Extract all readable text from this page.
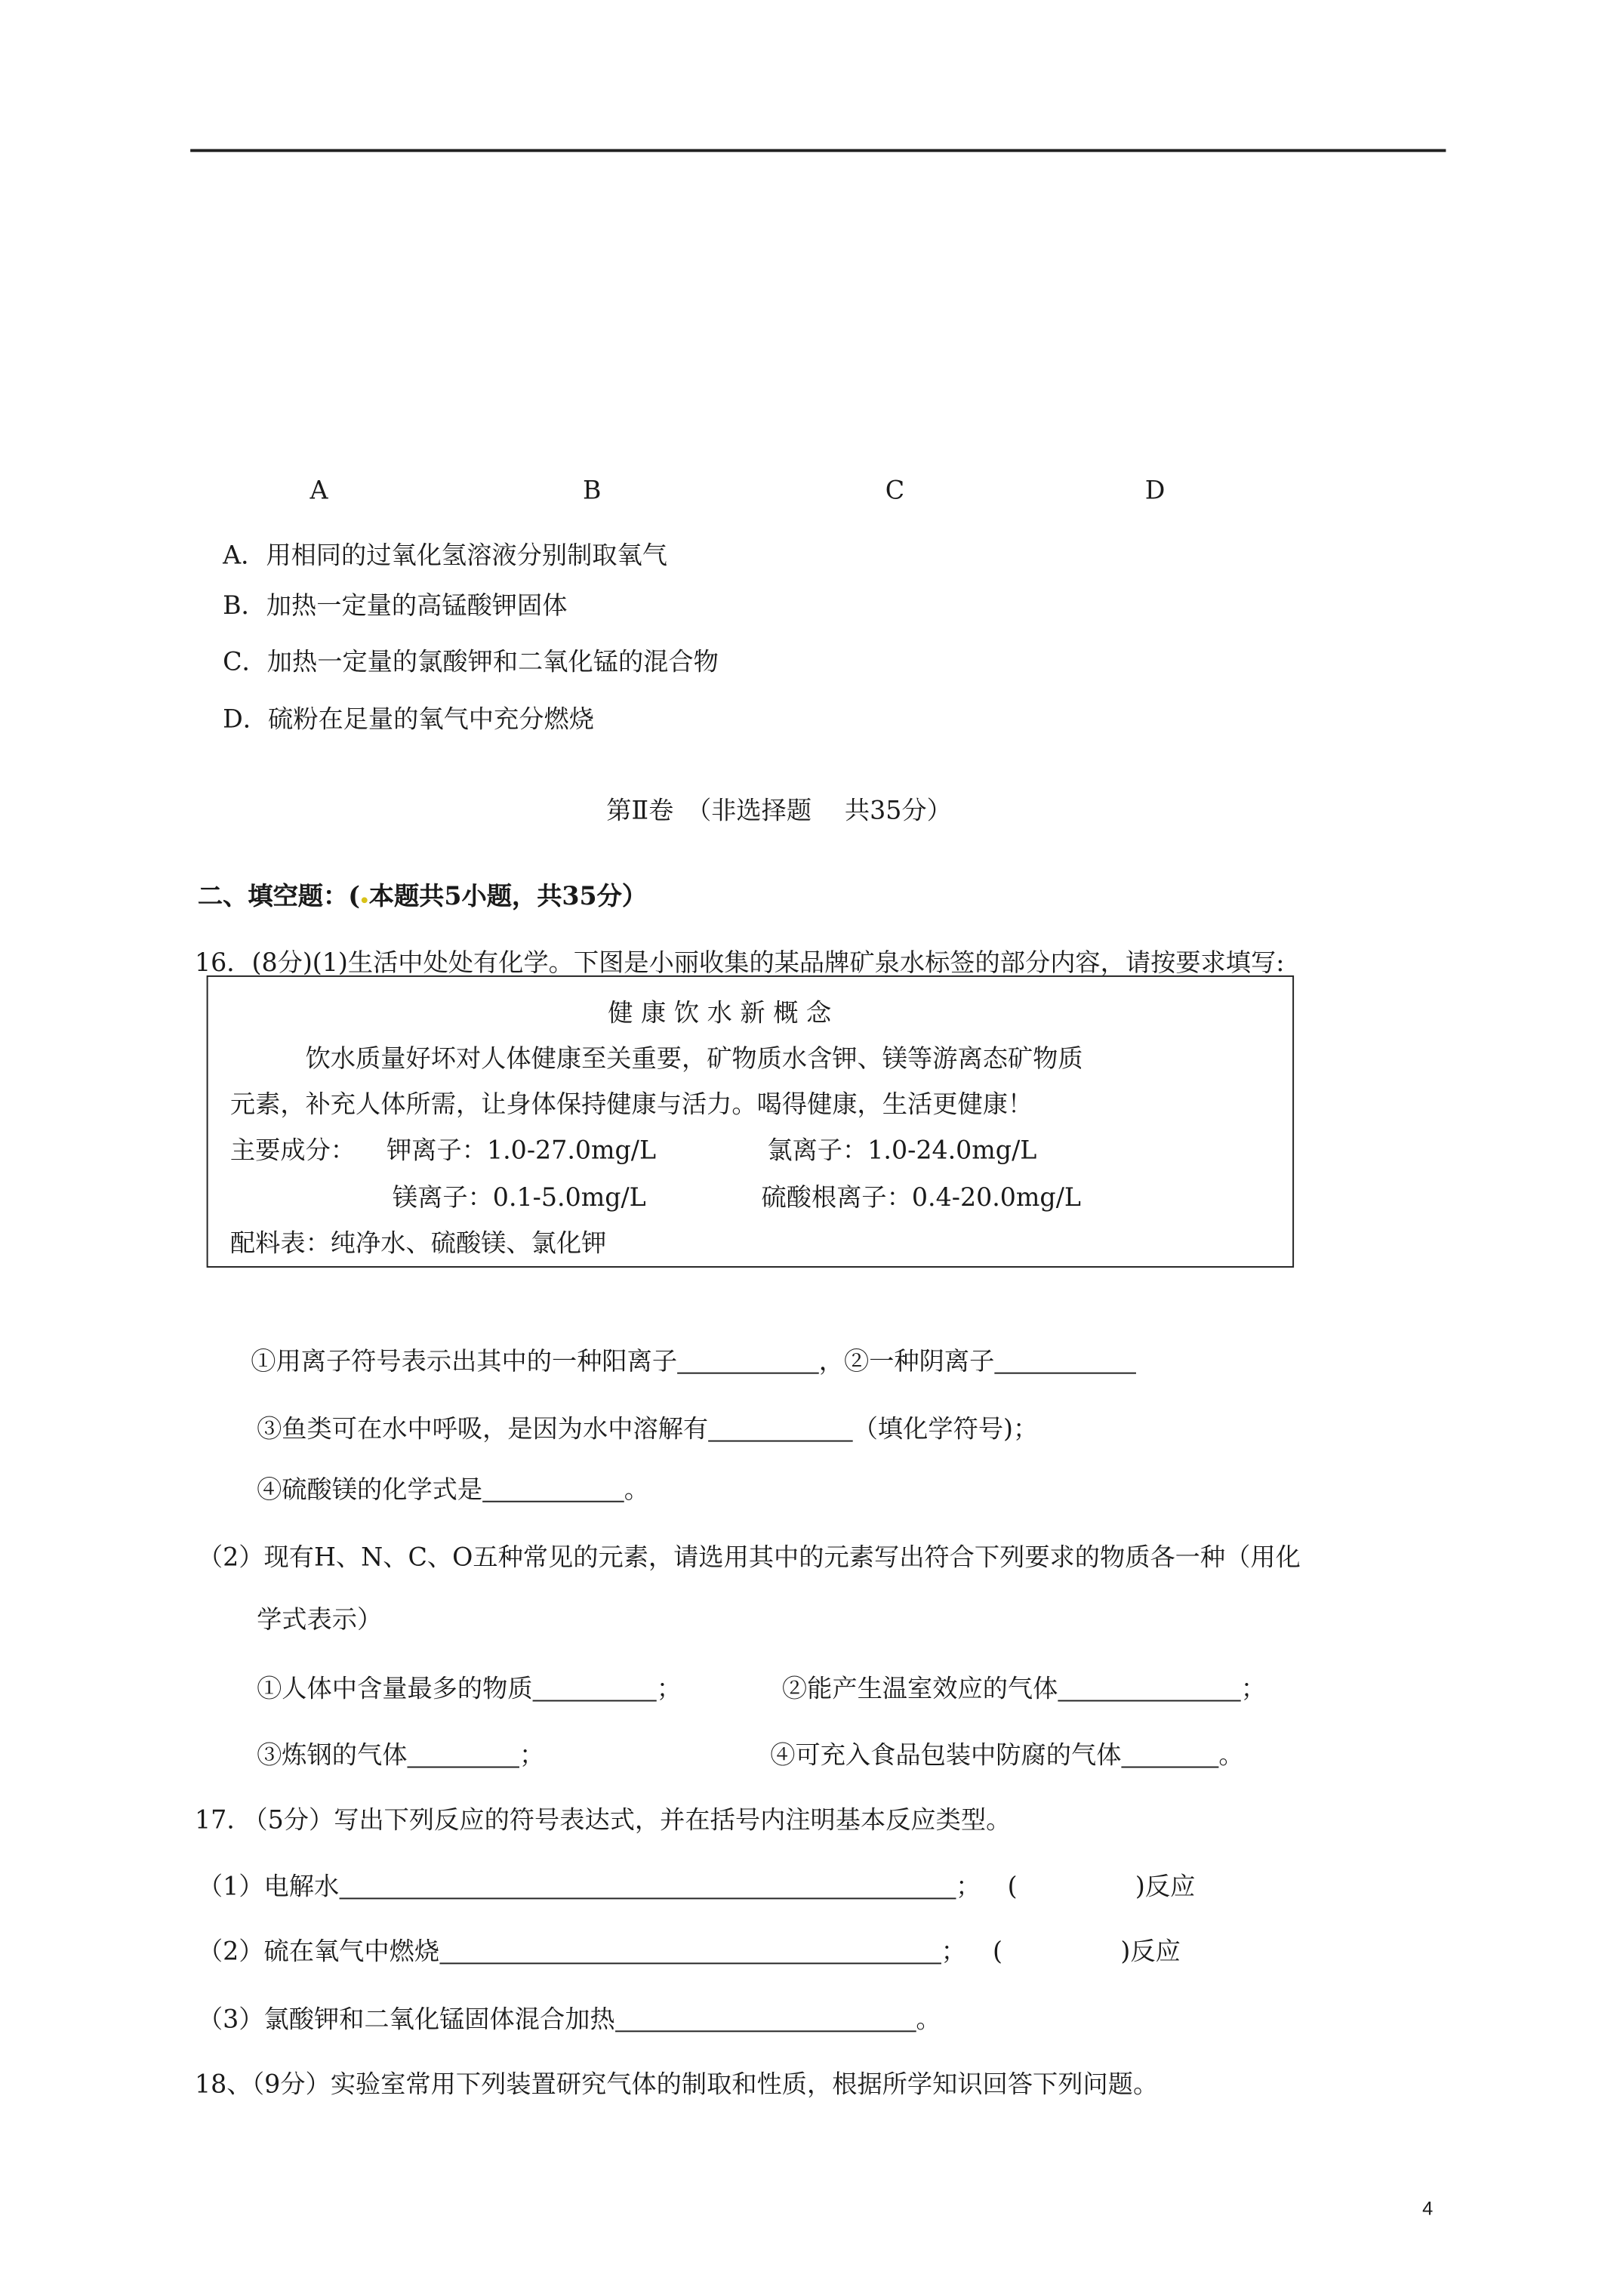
A	B	C	D
A．用相同的过氧化氢溶液分别制取氧气
B．加热一定量的高锰酸钾固体
C．加热一定量的氯酸钾和二氧化锰的混合物
D．硫粉在足量的氧气中充分燃烧
第Ⅱ卷　（非选择题　 共35分）
二、填空题：( 本题共5小题，共35分）
16．(8分)(1)生活中处处有化学。下图是小丽收集的某品牌矿泉水标签的部分内容，请按要求填写:
健 康 饮 水 新 概 念
饮水质量好坏对人体健康至关重要，矿物质水含钾、镁等游离态矿物质
元素，补充人体所需，让身体保持健康与活力。喝得健康，生活更健康！
主要成分： 钾离子：1.0-27.0mg/L	氯离子：1.0-24.0mg/L
镁离子：0.1-5.0mg/L	硫酸根离子：0.4-20.0mg/L
配料表：纯净水、硫酸镁、氯化钾
①用离子符号表示出其中的一种阳离子	，②一种阴离子
③鱼类可在水中呼吸，是因为水中溶解有	（填化学符号)；
④硫酸镁的化学式是	。
（2）现有H、N、C、O五种常见的元素，请选用其中的元素写出符合下列要求的物质各一种（用化
学式表示）
①人体中含量最多的物质	；	②能产生温室效应的气体	；
③炼钢的气体	；	④可充入食品包装中防腐的气体	。
17. （5分）写出下列反应的符号表达式，并在括号内注明基本反应类型。
（1）电解水	； (	)反应
（2）硫在氧气中燃烧	； (	)反应
（3）氯酸钾和二氧化锰固体混合加热	。
18、（9分）实验室常用下列装置研究气体的制取和性质，根据所学知识回答下列问题。
4
